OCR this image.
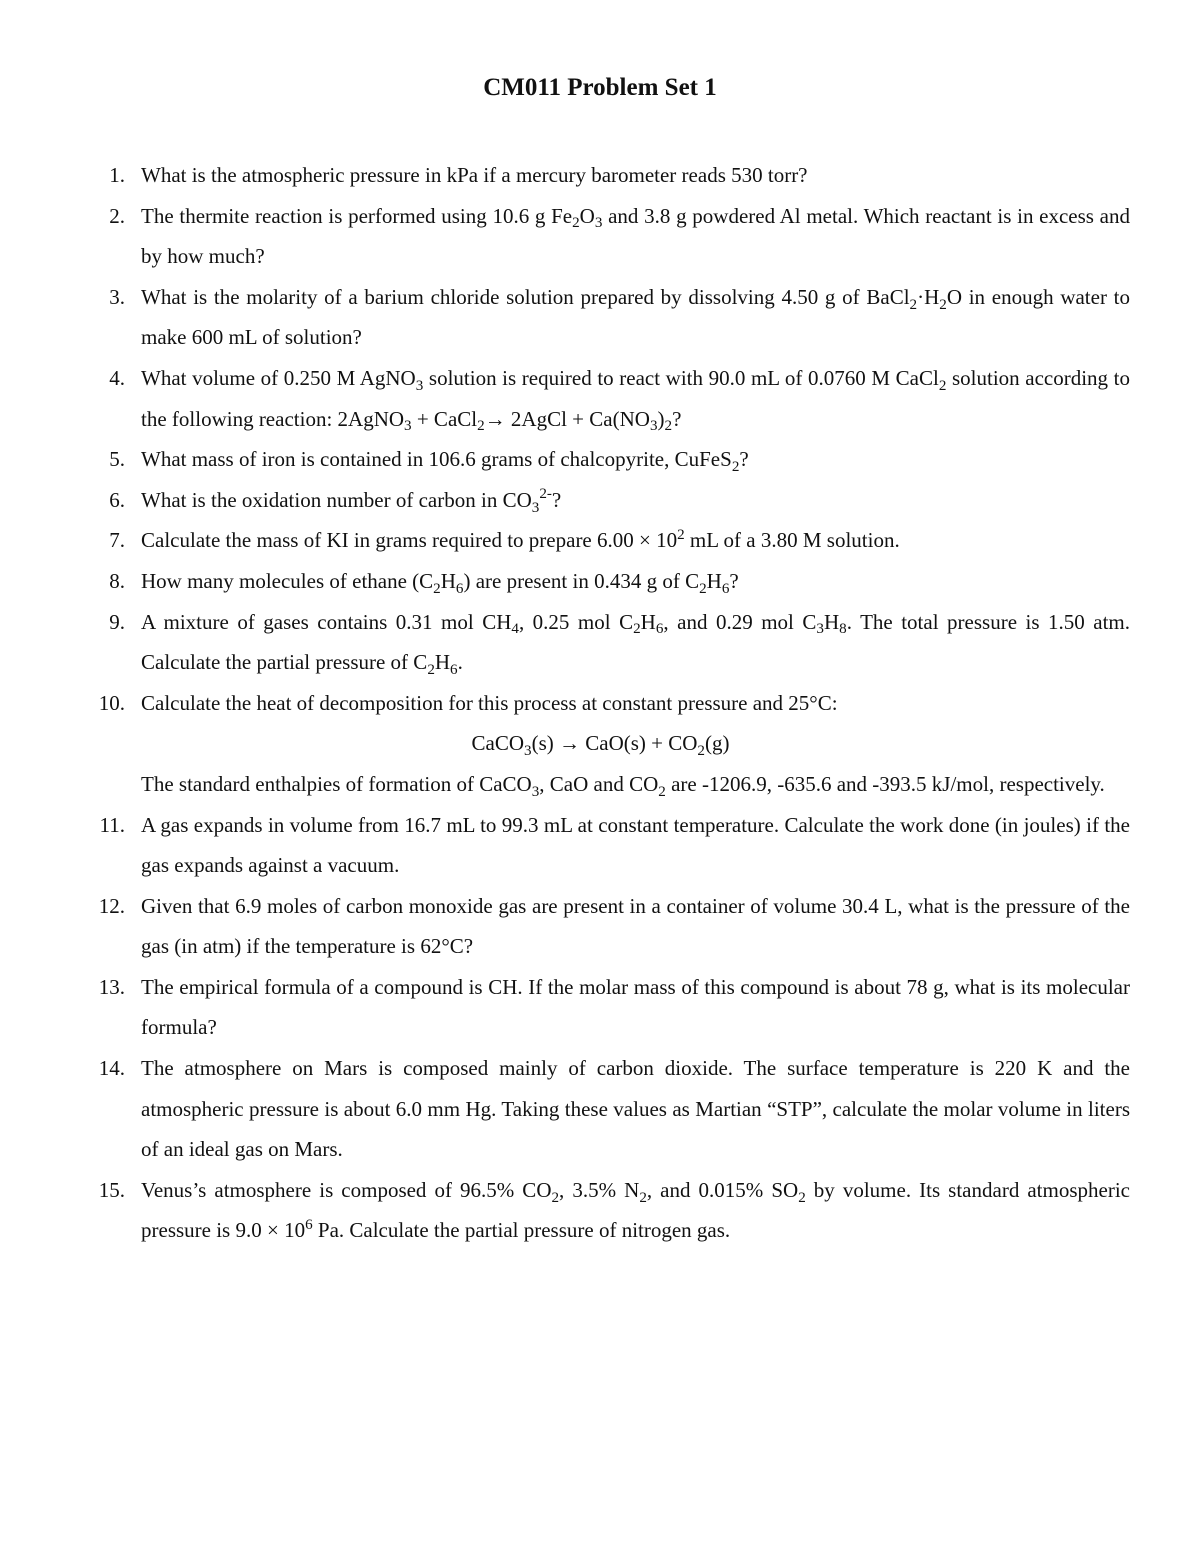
CM011 Problem Set 1
1. What is the atmospheric pressure in kPa if a mercury barometer reads 530 torr?
2. The thermite reaction is performed using 10.6 g $Fe_2O_3$ and 3.8 g powdered Al metal. Which reactant is in excess and by how much?
3. What is the molarity of a barium chloride solution prepared by dissolving 4.50 g of $BaCl_2\cdot H_2O$ in enough water to make 600 mL of solution?
4. What volume of 0.250 M AgNO$_3$ solution is required to react with 90.0 mL of 0.0760 M CaCl$_2$ solution according to the following reaction: 2AgNO$_3$ + CaCl$_2$→ 2AgCl + $Ca(NO_3)_2$?
5. What mass of iron is contained in 106.6 grams of chalcopyrite, CuFeS$_2$?
6. What is the oxidation number of carbon in $CO_3^{2-}$?
7. Calculate the mass of KI in grams required to prepare $6.00 \times 10^2$ mL of a 3.80 M solution.
8. How many molecules of ethane $(C_2H_6)$ are present in 0.434 g of $C_2H_6$?
9. A mixture of gases contains 0.31 mol $CH_4$, 0.25 mol $C_2H_6$, and 0.29 mol $C_3H_8$. The total pressure is 1.50 atm. Calculate the partial pressure of $C_2H_6$.
10. Calculate the heat of decomposition for this process at constant pressure and 25°C:
CaCO$_3$(s) → $CaO(s) + CO_2(g)$
The standard enthalpies of formation of CaCO$_3$, CaO and $CO_2$ are -1206.9, -635.6 and -393.5 kJ/mol, respectively.
11. A gas expands in volume from 16.7 mL to 99.3 mL at constant temperature. Calculate the work done (in joules) if the gas expands against a vacuum.
12. Given that 6.9 moles of carbon monoxide gas are present in a container of volume 30.4 L, what is the pressure of the gas (in atm) if the temperature is 62°C?
13. The empirical formula of a compound is CH. If the molar mass of this compound is about 78 g, what is its molecular formula?
14. The atmosphere on Mars is composed mainly of carbon dioxide. The surface temperature is 220 K and the atmospheric pressure is about 6.0 mm Hg. Taking these values as Martian “STP”, calculate the molar volume in liters of an ideal gas on Mars.
15. Venus’s atmosphere is composed of 96.5% $CO_2$, 3.5% $N_2$, and 0.015% $SO_2$ by volume. Its standard atmospheric pressure is $9.0 \times 10^6$ Pa. Calculate the partial pressure of nitrogen gas.
